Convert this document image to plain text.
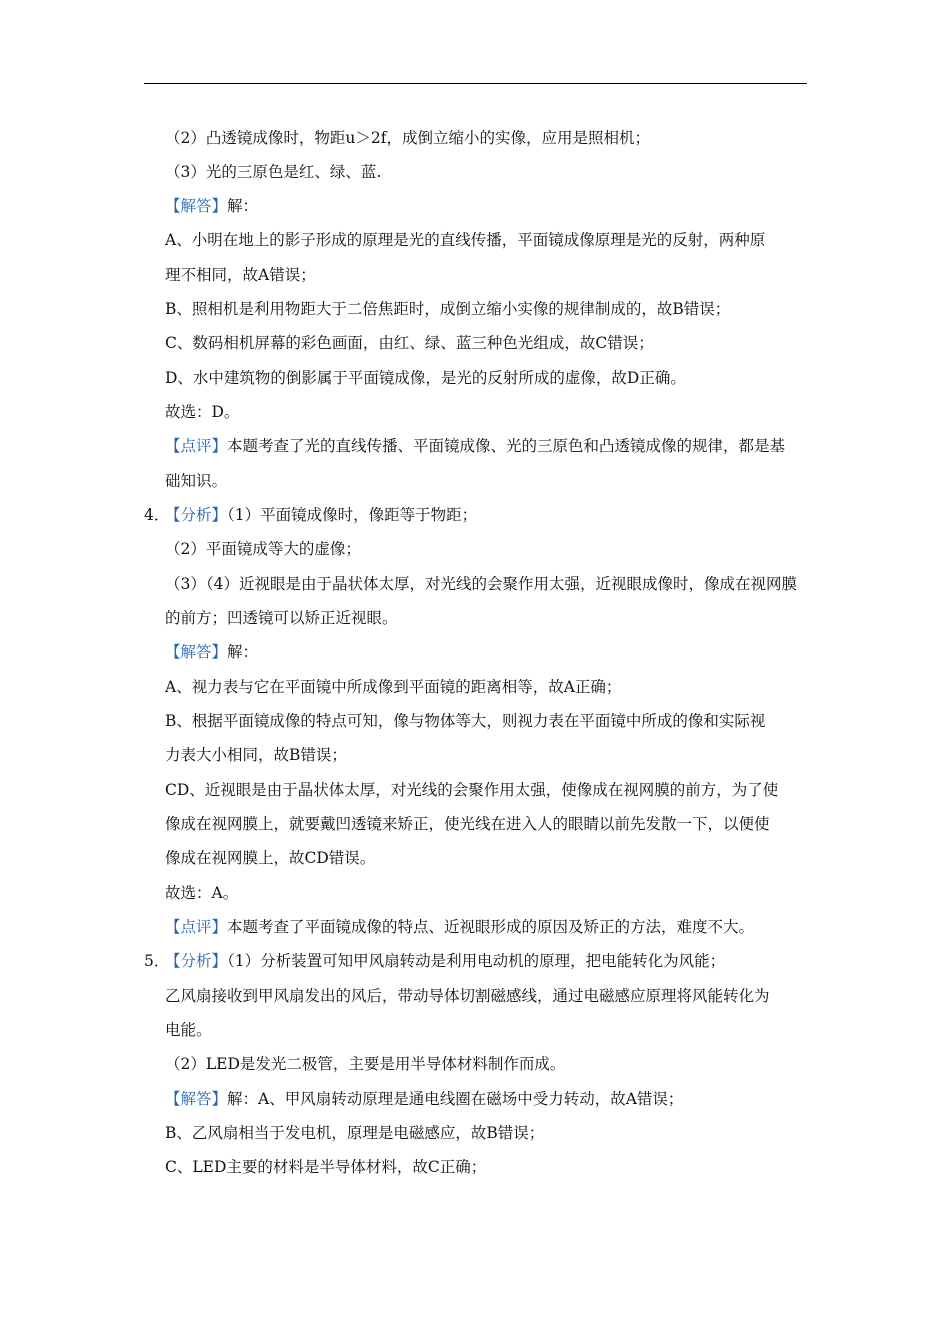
（2）凸透镜成像时，物距u＞2f，成倒立缩小的实像，应用是照相机；
（3）光的三原色是红、绿、蓝.
【解答】解：
A、小明在地上的影子形成的原理是光的直线传播，平面镜成像原理是光的反射，两种原
理不相同，故A错误；
B、照相机是利用物距大于二倍焦距时，成倒立缩小实像的规律制成的，故B错误；
C、数码相机屏幕的彩色画面，由红、绿、蓝三种色光组成，故C错误；
D、水中建筑物的倒影属于平面镜成像，是光的反射所成的虚像，故D正确。
故选：D。
【点评】本题考查了光的直线传播、平面镜成像、光的三原色和凸透镜成像的规律，都是基
础知识。
4．
【分析】（1）平面镜成像时，像距等于物距；
（2）平面镜成等大的虚像；
（3）（4）近视眼是由于晶状体太厚，对光线的会聚作用太强，近视眼成像时，像成在视网膜
的前方；凹透镜可以矫正近视眼。
【解答】解：
A、视力表与它在平面镜中所成像到平面镜的距离相等，故A正确；
B、根据平面镜成像的特点可知，像与物体等大，则视力表在平面镜中所成的像和实际视
力表大小相同，故B错误；
CD、近视眼是由于晶状体太厚，对光线的会聚作用太强，使像成在视网膜的前方，为了使
像成在视网膜上，就要戴凹透镜来矫正，使光线在进入人的眼睛以前先发散一下，以便使
像成在视网膜上，故CD错误。
故选：A。
【点评】本题考查了平面镜成像的特点、近视眼形成的原因及矫正的方法，难度不大。
5．
【分析】（1）分析装置可知甲风扇转动是利用电动机的原理，把电能转化为风能；
乙风扇接收到甲风扇发出的风后，带动导体切割磁感线，通过电磁感应原理将风能转化为
电能。
（2）LED是发光二极管，主要是用半导体材料制作而成。
【解答】解：A、甲风扇转动原理是通电线圈在磁场中受力转动，故A错误；
B、乙风扇相当于发电机，原理是电磁感应，故B错误；
C、LED主要的材料是半导体材料，故C正确；
